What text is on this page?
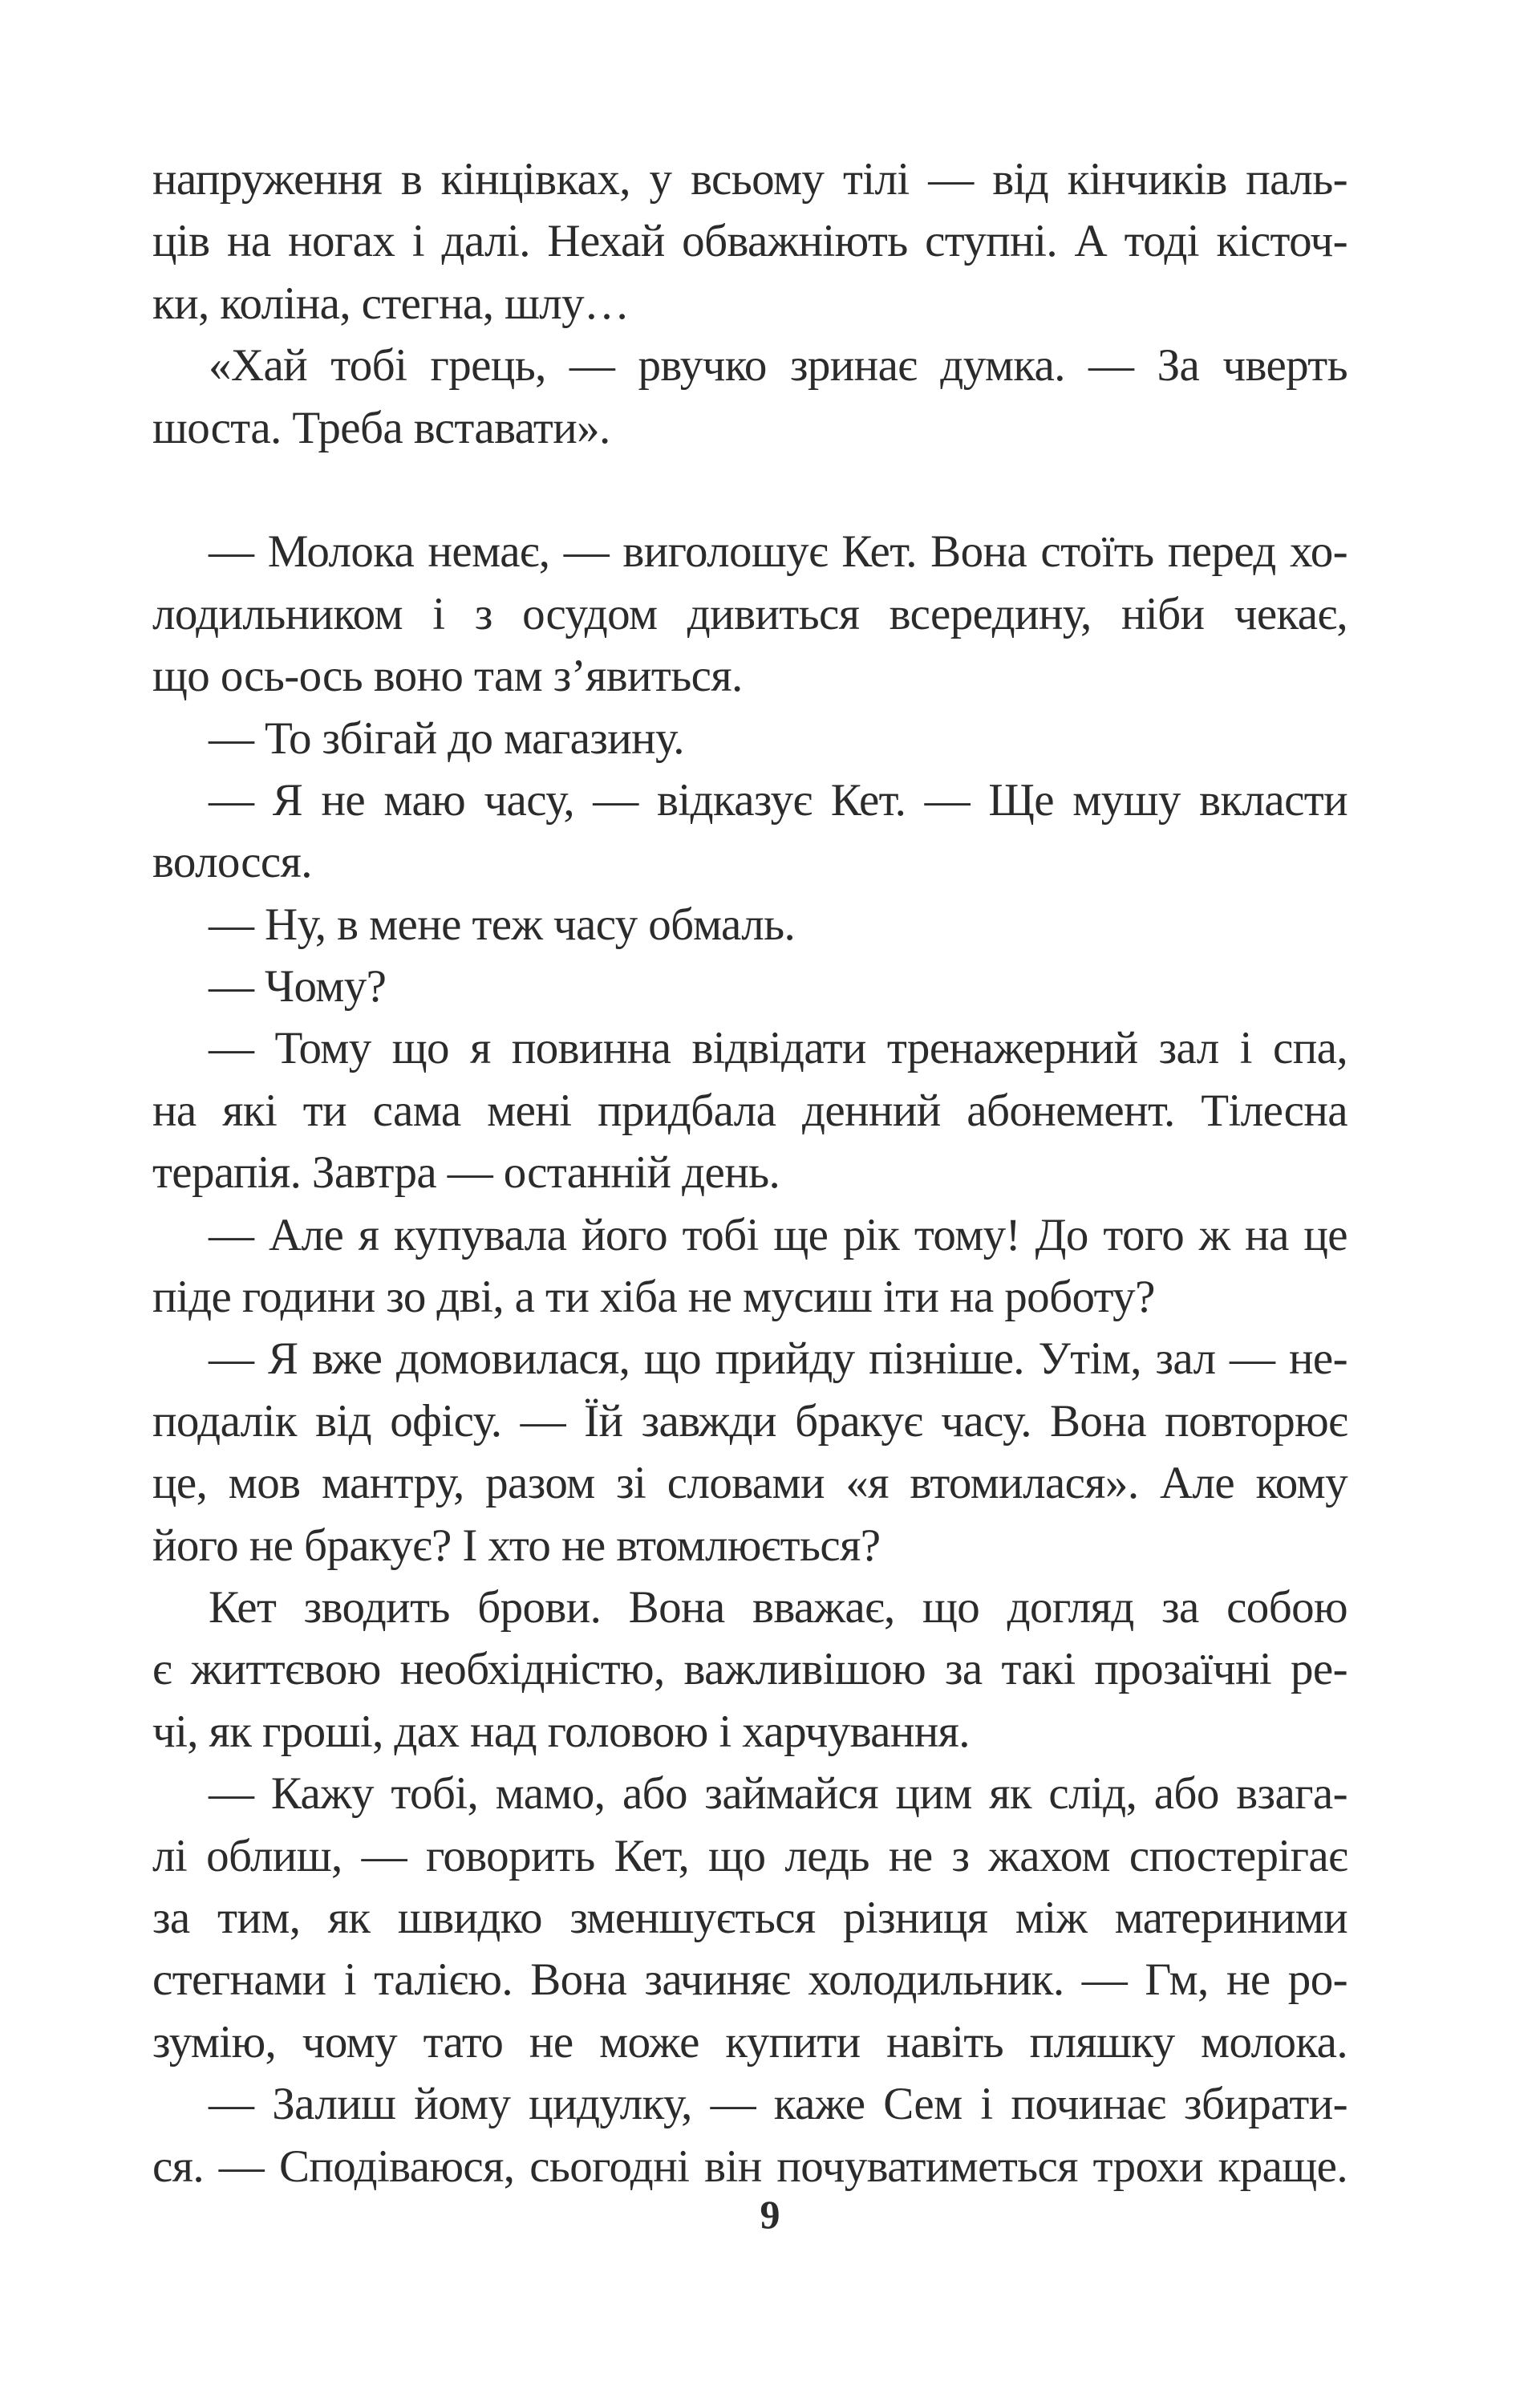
напруження в кінцівках, у всьому тілі — від кінчиків паль-
ців на ногах і далі. Нехай обважніють ступні. А тоді кісточ-
ки, коліна, стегна, шлу…
«Хай тобі грець, — рвучко зринає думка. — За чверть
шоста. Треба вставати».
— Молока немає, — виголошує Кет. Вона стоїть перед хо-
лодильником і з осудом дивиться всередину, ніби чекає,
що ось-ось воно там з’явиться.
— То збігай до магазину.
— Я не маю часу, — відказує Кет. — Ще мушу вкласти
волосся.
— Ну, в мене теж часу обмаль.
— Чому?
— Тому що я повинна відвідати тренажерний зал і спа,
на які ти сама мені придбала денний абонемент. Тілесна
терапія. Завтра — останній день.
— Але я купувала його тобі ще рік тому! До того ж на це
піде години зо дві, а ти хіба не мусиш іти на роботу?
— Я вже домовилася, що прийду пізніше. Утім, зал — не-
подалік від офісу. — Їй завжди бракує часу. Вона повторює
це, мов мантру, разом зі словами «я втомилася». Але кому
його не бракує? І хто не втомлюється?
Кет зводить брови. Вона вважає, що догляд за собою
є життєвою необхідністю, важливішою за такі прозаїчні ре-
чі, як гроші, дах над головою і харчування.
— Кажу тобі, мамо, або займайся цим як слід, або взага-
лі облиш, — говорить Кет, що ледь не з жахом спостерігає
за тим, як швидко зменшується різниця між материними
стегнами і талією. Вона зачиняє холодильник. — Гм, не ро-
зумію, чому тато не може купити навіть пляшку молока.
— Залиш йому цидулку, — каже Сем і починає збирати-
ся. — Сподіваюся, сьогодні він почуватиметься трохи краще.
9
